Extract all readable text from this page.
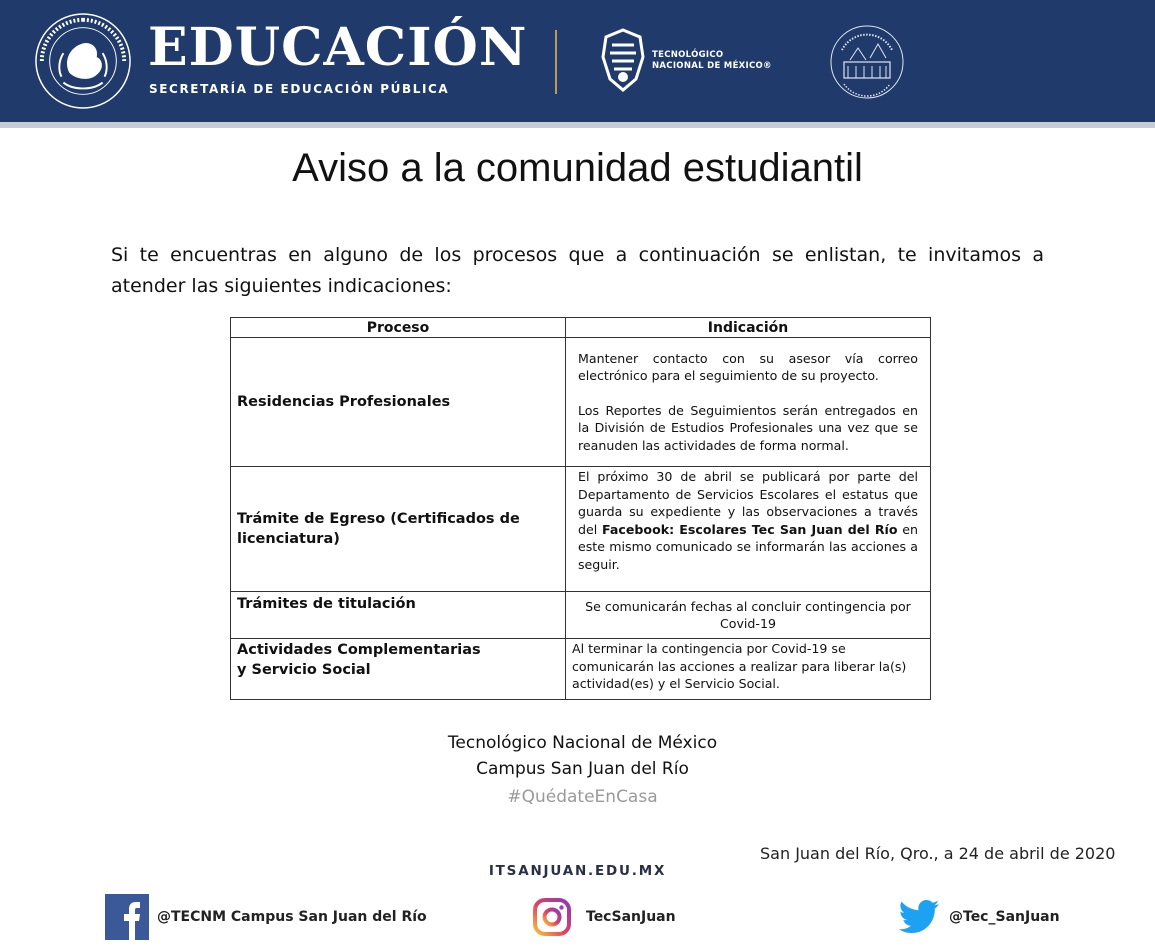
EDUCACIÓN
SECRETARÍA DE EDUCACIÓN PÚBLICA
TECNOLÓGICO
NACIONAL DE MÉXICO®
Aviso a la comunidad estudiantil
Si te encuentras en alguno de los procesos que a continuación se enlistan, te invitamos a atender las siguientes indicaciones:
Proceso	Indicación
Residencias Profesionales	Mantener contacto con su asesor vía correo electrónico para el seguimiento de su proyecto.

Los Reportes de Seguimientos serán entregados en la División de Estudios Profesionales una vez que se reanuden las actividades de forma normal.

Trámite de Egreso (Certificados de licenciatura)	El próximo 30 de abril se publicará por parte del Departamento de Servicios Escolares el estatus que guarda su expediente y las observaciones a través del Facebook: Escolares Tec San Juan del Río en este mismo comunicado se informarán las acciones a seguir.
Trámites de titulación	Se comunicarán fechas al concluir contingencia por Covid-19

Actividades Complementarias
y Servicio Social	Al terminar la contingencia por Covid-19 se comunicarán las acciones a realizar para liberar la(s) actividad(es) y el Servicio Social.
Tecnológico Nacional de México
Campus San Juan del Río
#QuédateEnCasa
San Juan del Río, Qro., a 24 de abril de 2020
ITSANJUAN.EDU.MX
@TECNM Campus San Juan del Río	TecSanJuan	@Tec_SanJuan
